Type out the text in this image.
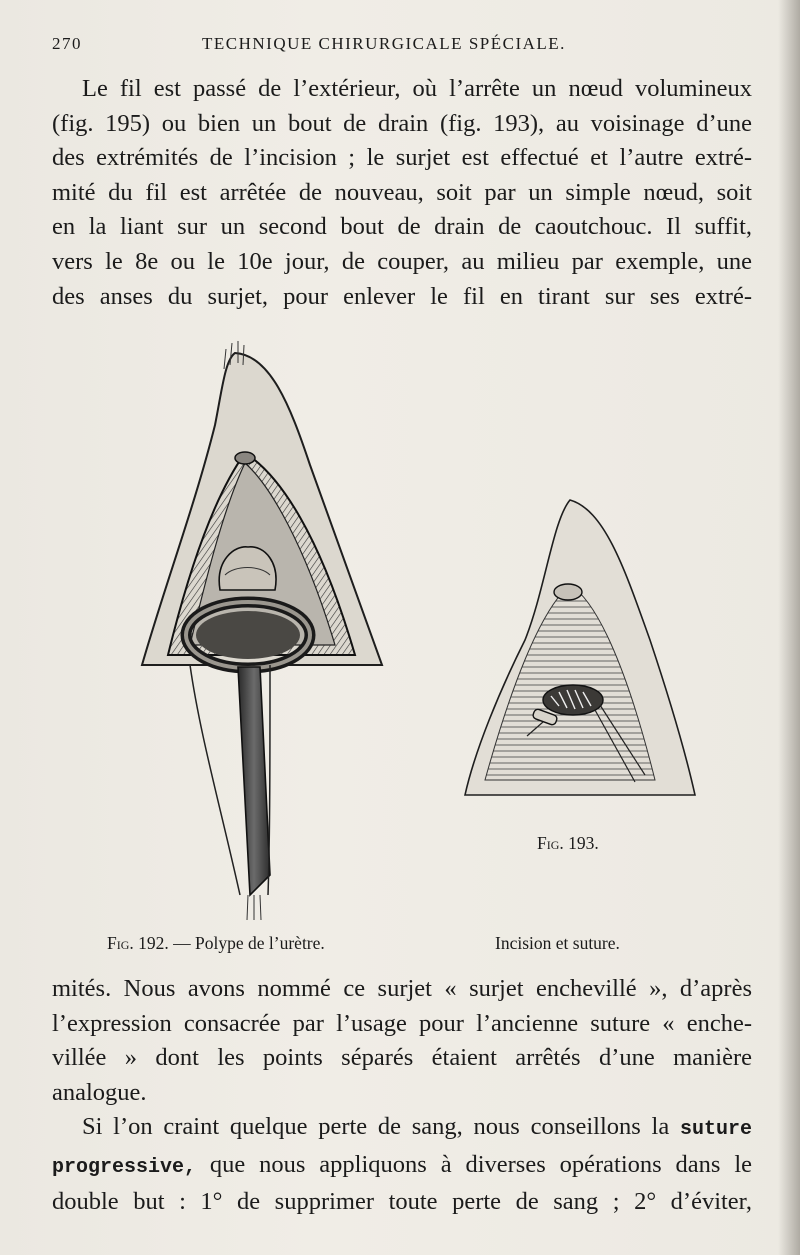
270	TECHNIQUE CHIRURGICALE SPÉCIALE.
Le fil est passé de l’extérieur, où l’arrête un nœud volumineux
(fig. 195) ou bien un bout de drain (fig. 193), au voisinage d’une
des extrémités de l’incision ; le surjet est effectué et l’autre extré-
mité du fil est arrêtée de nouveau, soit par un simple nœud, soit
en la liant sur un second bout de drain de caoutchouc. Il suffit,
vers le 8e ou le 10e jour, de couper, au milieu par exemple, une
des anses du surjet, pour enlever le fil en tirant sur ses extré-
Fig. 192. — Polype de l’urètre.
Fig. 193.
Incision et suture.
mités. Nous avons nommé ce surjet « surjet enchevillé », d’après
l’expression consacrée par l’usage pour l’ancienne suture « enche-
villée » dont les points séparés étaient arrêtés d’une manière
analogue.
Si l’on craint quelque perte de sang, nous conseillons la suture
progressive, que nous appliquons à diverses opérations dans le
double but : 1° de supprimer toute perte de sang ; 2° d’éviter,
